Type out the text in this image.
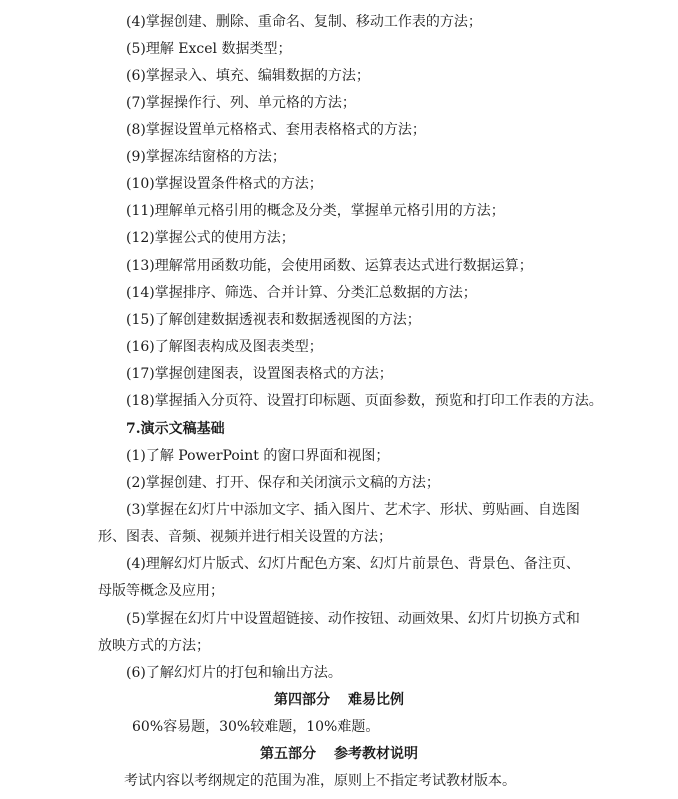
(4)掌握创建、删除、重命名、复制、移动工作表的方法；
(5)理解 Excel 数据类型；
(6)掌握录入、填充、编辑数据的方法；
(7)掌握操作行、列、单元格的方法；
(8)掌握设置单元格格式、套用表格格式的方法；
(9)掌握冻结窗格的方法；
(10)掌握设置条件格式的方法；
(11)理解单元格引用的概念及分类，掌握单元格引用的方法；
(12)掌握公式的使用方法；
(13)理解常用函数功能，会使用函数、运算表达式进行数据运算；
(14)掌握排序、筛选、合并计算、分类汇总数据的方法；
(15)了解创建数据透视表和数据透视图的方法；
(16)了解图表构成及图表类型；
(17)掌握创建图表，设置图表格式的方法；
(18)掌握插入分页符、设置打印标题、页面参数，预览和打印工作表的方法。
7.演示文稿基础
(1)了解 PowerPoint 的窗口界面和视图；
(2)掌握创建、打开、保存和关闭演示文稿的方法；
(3)掌握在幻灯片中添加文字、插入图片、艺术字、形状、剪贴画、自选图
形、图表、音频、视频并进行相关设置的方法；
(4)理解幻灯片版式、幻灯片配色方案、幻灯片前景色、背景色、备注页、
母版等概念及应用；
(5)掌握在幻灯片中设置超链接、动作按钮、动画效果、幻灯片切换方式和
放映方式的方法；
(6)了解幻灯片的打包和输出方法。
第四部分 难易比例
60%容易题，30%较难题，10%难题。
第五部分 参考教材说明
考试内容以考纲规定的范围为准，原则上不指定考试教材版本。
